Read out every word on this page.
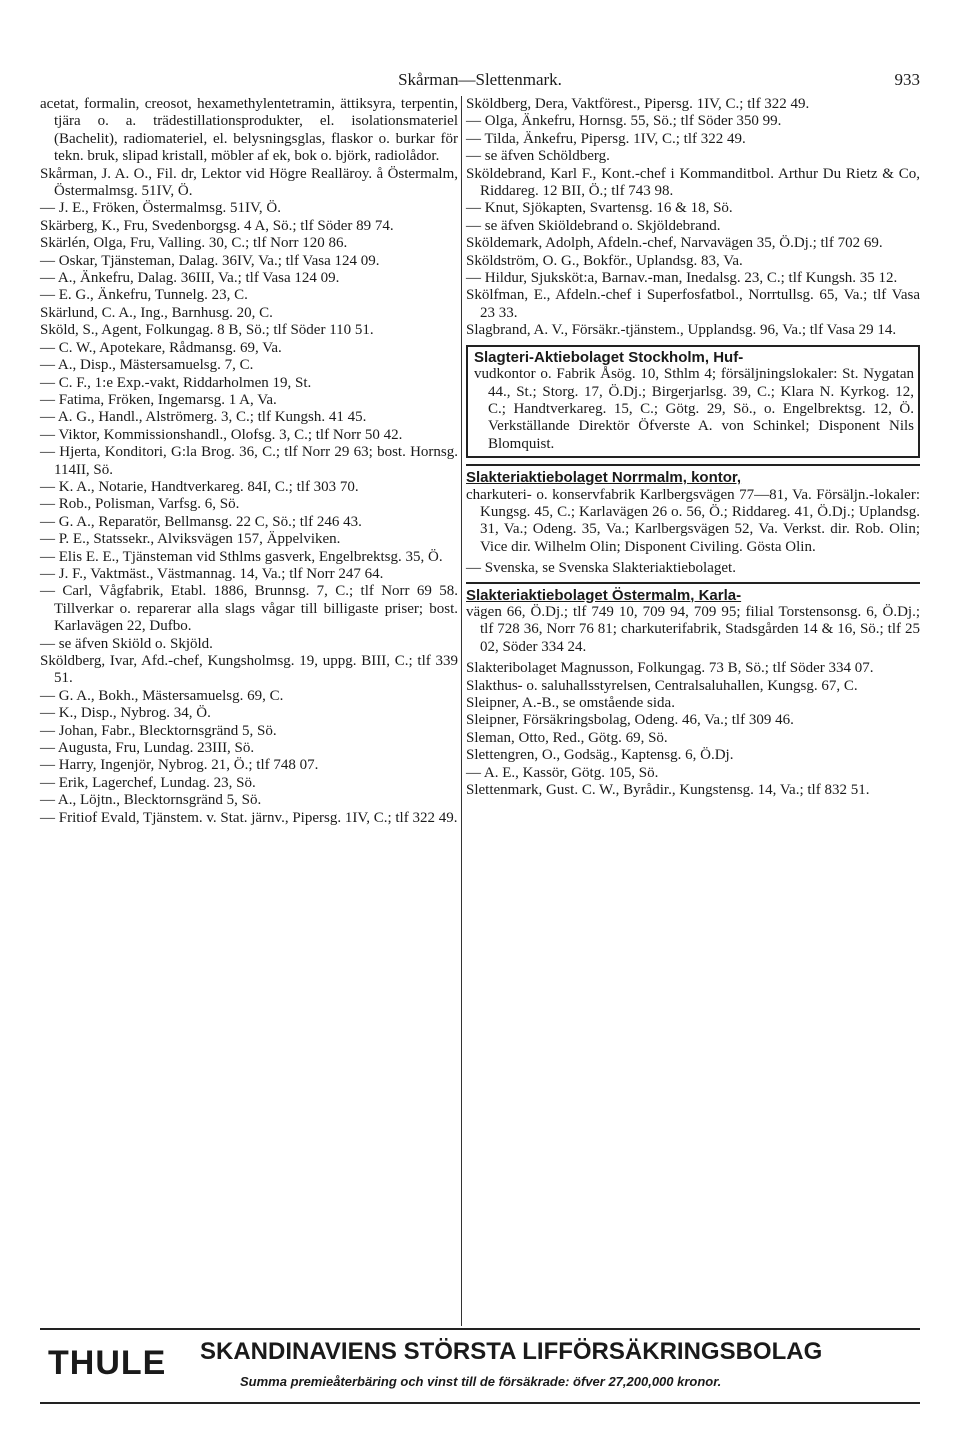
Skårman—Slettenmark.	933
acetat, formalin, creosot, hexamethylentetramin, ättiksyra, terpentin, tjära o. a. trädestillationsprodukter, el. isolationsmateriel (Bachelit), radiomateriel, el. belysningsglas, flaskor o. burkar för tekn. bruk, slipad kristall, möbler af ek, bok o. björk, radiolådor.
Skårman, J. A. O., Fil. dr, Lektor vid Högre Realläroy. å Östermalm, Östermalmsg. 51IV, Ö.
— J. E., Fröken, Östermalmsg. 51IV, Ö.
Skärberg, K., Fru, Svedenborgsg. 4 A, Sö.; tlf Söder 89 74.
Skärlén, Olga, Fru, Valling. 30, C.; tlf Norr 120 86.
— Oskar, Tjänsteman, Dalag. 36IV, Va.; tlf Vasa 124 09.
— A., Änkefru, Dalag. 36III, Va.; tlf Vasa 124 09.
— E. G., Änkefru, Tunnelg. 23, C.
Skärlund, C. A., Ing., Barnhusg. 20, C.
Sköld, S., Agent, Folkungag. 8 B, Sö.; tlf Söder 110 51.
— C. W., Apotekare, Rådmansg. 69, Va.
— A., Disp., Mästersamuelsg. 7, C.
— C. F., 1:e Exp.-vakt, Riddarholmen 19, St.
— Fatima, Fröken, Ingemarsg. 1 A, Va.
— A. G., Handl., Alströmerg. 3, C.; tlf Kungsh. 41 45.
— Viktor, Kommissionshandl., Olofsg. 3, C.; tlf Norr 50 42.
— Hjerta, Konditori, G:la Brog. 36, C.; tlf Norr 29 63; bost. Hornsg. 114II, Sö.
— K. A., Notarie, Handtverkareg. 84I, C.; tlf 303 70.
— Rob., Polisman, Varfsg. 6, Sö.
— G. A., Reparatör, Bellmansg. 22 C, Sö.; tlf 246 43.
— P. E., Statssekr., Alviksvägen 157, Äppelviken.
— Elis E. E., Tjänsteman vid Sthlms gasverk, Engelbrektsg. 35, Ö.
— J. F., Vaktmäst., Västmannag. 14, Va.; tlf Norr 247 64.
— Carl, Vågfabrik, Etabl. 1886, Brunnsg. 7, C.; tlf Norr 69 58. Tillverkar o. reparerar alla slags vågar till billigaste priser; bost. Karlavägen 22, Dufbo.
— se äfven Skiöld o. Skjöld.
Sköldberg, Ivar, Afd.-chef, Kungsholmsg. 19, uppg. BIII, C.; tlf 339 51.
— G. A., Bokh., Mästersamuelsg. 69, C.
— K., Disp., Nybrog. 34, Ö.
— Johan, Fabr., Blecktornsgränd 5, Sö.
— Augusta, Fru, Lundag. 23III, Sö.
— Harry, Ingenjör, Nybrog. 21, Ö.; tlf 748 07.
— Erik, Lagerchef, Lundag. 23, Sö.
— A., Löjtn., Blecktornsgränd 5, Sö.
— Fritiof Evald, Tjänstem. v. Stat. järnv., Pipersg. 1IV, C.; tlf 322 49.
Sköldberg, Dera, Vaktförest., Pipersg. 1IV, C.; tlf 322 49.
— Olga, Änkefru, Hornsg. 55, Sö.; tlf Söder 350 99.
— Tilda, Änkefru, Pipersg. 1IV, C.; tlf 322 49.
— se äfven Schöldberg.
Sköldebrand, Karl F., Kont.-chef i Kommanditbol. Arthur Du Rietz & Co, Riddareg. 12 BII, Ö.; tlf 743 98.
— Knut, Sjökapten, Svartensg. 16 & 18, Sö.
— se äfven Skiöldebrand o. Skjöldebrand.
Sköldemark, Adolph, Afdeln.-chef, Narvavägen 35, Ö.Dj.; tlf 702 69.
Sköldström, O. G., Bokför., Uplandsg. 83, Va.
— Hildur, Sjuksköt:a, Barnav.-man, Inedalsg. 23, C.; tlf Kungsh. 35 12.
Skölfman, E., Afdeln.-chef i Superfosfatbol., Norrtullsg. 65, Va.; tlf Vasa 23 33.
Slagbrand, A. V., Försäkr.-tjänstem., Upplandsg. 96, Va.; tlf Vasa 29 14.
Slagteri-Aktiebolaget Stockholm, Huf-
vudkontor o. Fabrik Åsög. 10, Sthlm 4; försäljningslokaler: St. Nygatan 44., St.; Storg. 17, Ö.Dj.; Birgerjarlsg. 39, C.; Klara N. Kyrkog. 12, C.; Handtverkareg. 15, C.; Götg. 29, Sö., o. Engelbrektsg. 12, Ö. Verkställande Direktör Öfverste A. von Schinkel; Disponent Nils Blomquist.
Slakteriaktiebolaget Norrmalm, kontor,
charkuteri- o. konservfabrik Karlbergsvägen 77—81, Va. Försäljn.-lokaler: Kungsg. 45, C.; Karlavägen 26 o. 56, Ö.; Riddareg. 41, Ö.Dj.; Uplandsg. 31, Va.; Odeng. 35, Va.; Karlbergsvägen 52, Va. Verkst. dir. Rob. Olin; Vice dir. Wilhelm Olin; Disponent Civiling. Gösta Olin.
— Svenska, se Svenska Slakteriaktiebolaget.
Slakteriaktiebolaget Östermalm, Karla-
vägen 66, Ö.Dj.; tlf 749 10, 709 94, 709 95; filial Torstensonsg. 6, Ö.Dj.; tlf 728 36, Norr 76 81; charkuterifabrik, Stadsgården 14 & 16, Sö.; tlf 25 02, Söder 334 24.
Slakteribolaget Magnusson, Folkungag. 73 B, Sö.; tlf Söder 334 07.
Slakthus- o. saluhallsstyrelsen, Centralsaluhallen, Kungsg. 67, C.
Sleipner, A.-B., se omstående sida.
Sleipner, Försäkringsbolag, Odeng. 46, Va.; tlf 309 46.
Sleman, Otto, Red., Götg. 69, Sö.
Slettengren, O., Godsäg., Kaptensg. 6, Ö.Dj.
— A. E., Kassör, Götg. 105, Sö.
Slettenmark, Gust. C. W., Byrådir., Kungstensg. 14, Va.; tlf 832 51.
THULE SKANDINAVIENS STÖRSTA LIFFÖRSÄKRINGSBOLAG
Summa premieåterbäring och vinst till de försäkrade: öfver 27,200,000 kronor.
